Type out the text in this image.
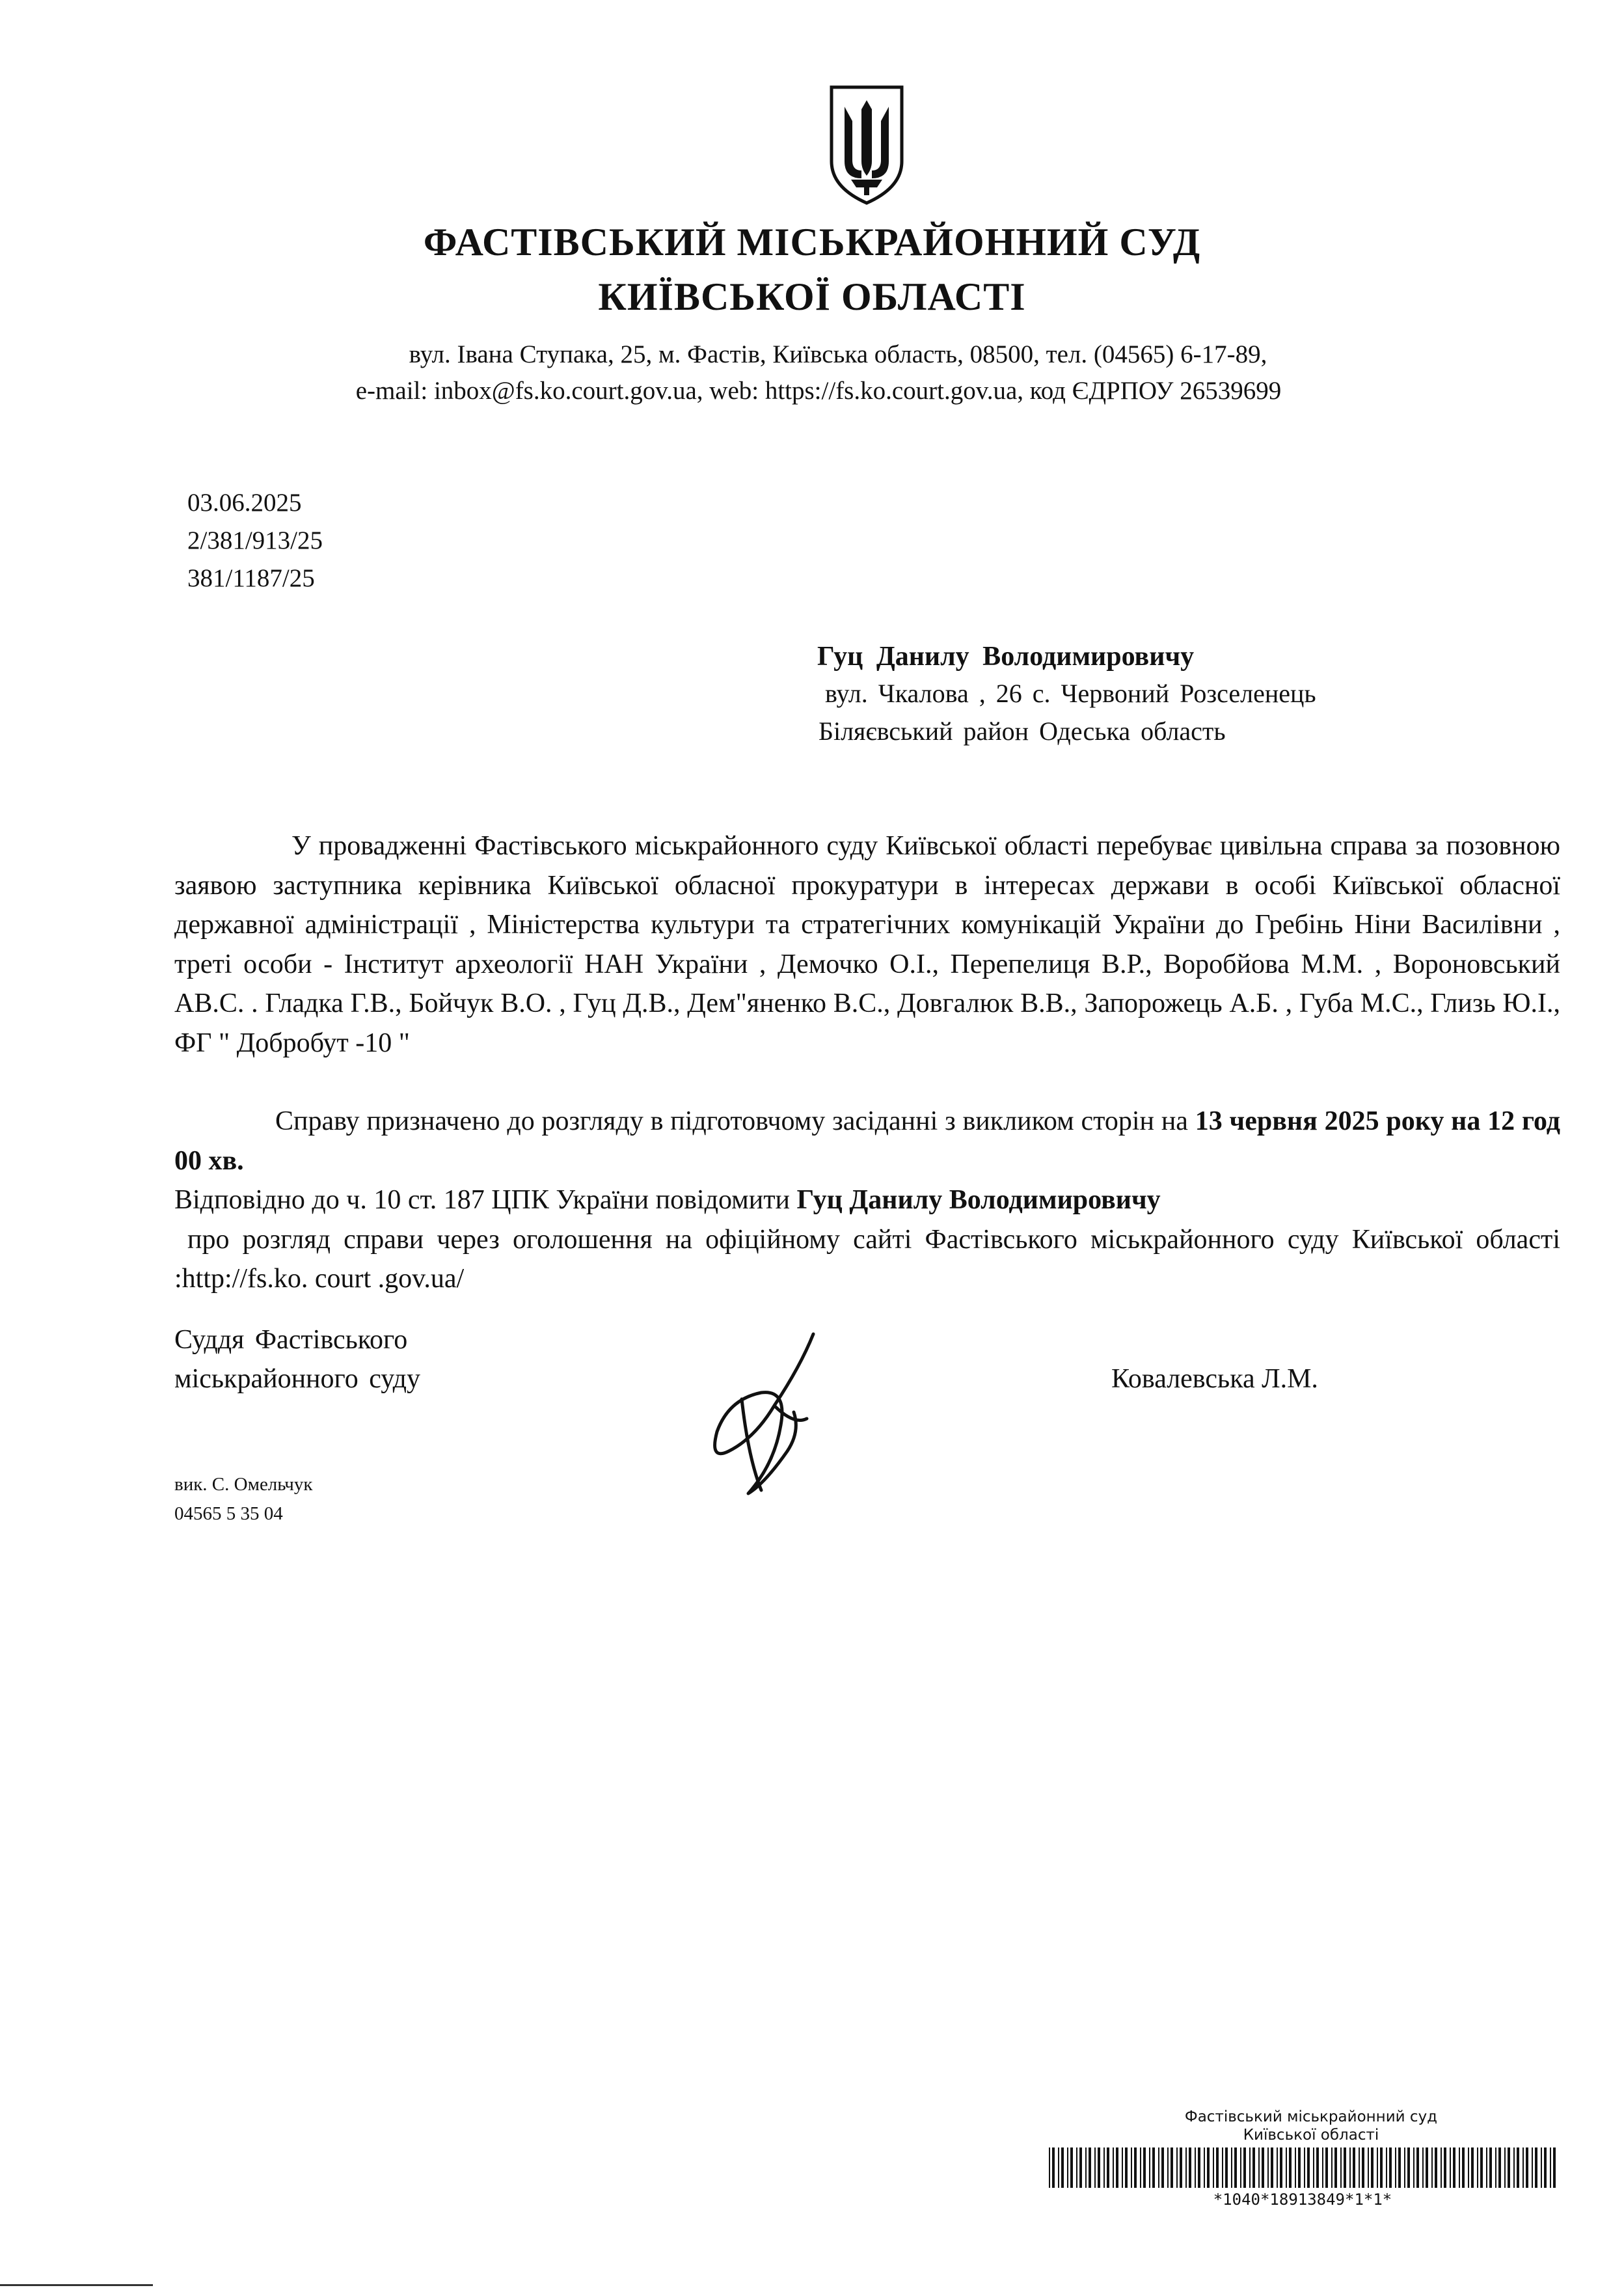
ФАСТІВСЬКИЙ МІСЬКРАЙОННИЙ СУД
КИЇВСЬКОЇ ОБЛАСТІ
вул. Івана Ступака, 25, м. Фастів, Київська область, 08500, тел. (04565) 6-17-89,
e-mail: inbox@fs.ko.court.gov.ua, web: https://fs.ko.court.gov.ua, код ЄДРПОУ 26539699
03.06.2025
2/381/913/25
381/1187/25
Гуц Данилу Володимировичу
вул. Чкалова , 26 с. Червоний Розселенець
Біляєвський район Одеська область

У провадженні Фастівського міськрайонного суду Київської області перебуває цивільна справа за позовною заявою заступника керівника Київської обласної прокуратури в інтересах держави в особі Київської обласної державної адміністрації , Міністерства культури та стратегічних комунікацій України до Гребінь Ніни Василівни , треті особи - Інститут археології НАН України , Демочко О.І., Перепелиця В.Р., Воробйова М.М. , Вороновський АВ.С. . Гладка Г.В., Бойчук В.О. , Гуц Д.В., Дем"яненко В.С., Довгалюк В.В., Запорожець А.Б. , Губа М.С., Глизь Ю.І., ФГ " Добробут -10 "

Справу призначено до розгляду в підготовчому засіданні з викликом сторін на 13 червня 2025 року на 12 год 00 хв.

Відповідно до ч. 10 ст. 187 ЦПК України повідомити Гуц Данилу Володимировичу

про розгляд справи через оголошення на офіційному сайті Фастівського міськрайонного суду Київської області :http://fs.ko. court .gov.ua/

Суддя Фастівського
міськрайонного суду	Ковалевська Л.М.
вик. С. Омельчук
04565 5 35 04
Фастівський міськрайонний суд
Київської області
*1040*18913849*1*1*
